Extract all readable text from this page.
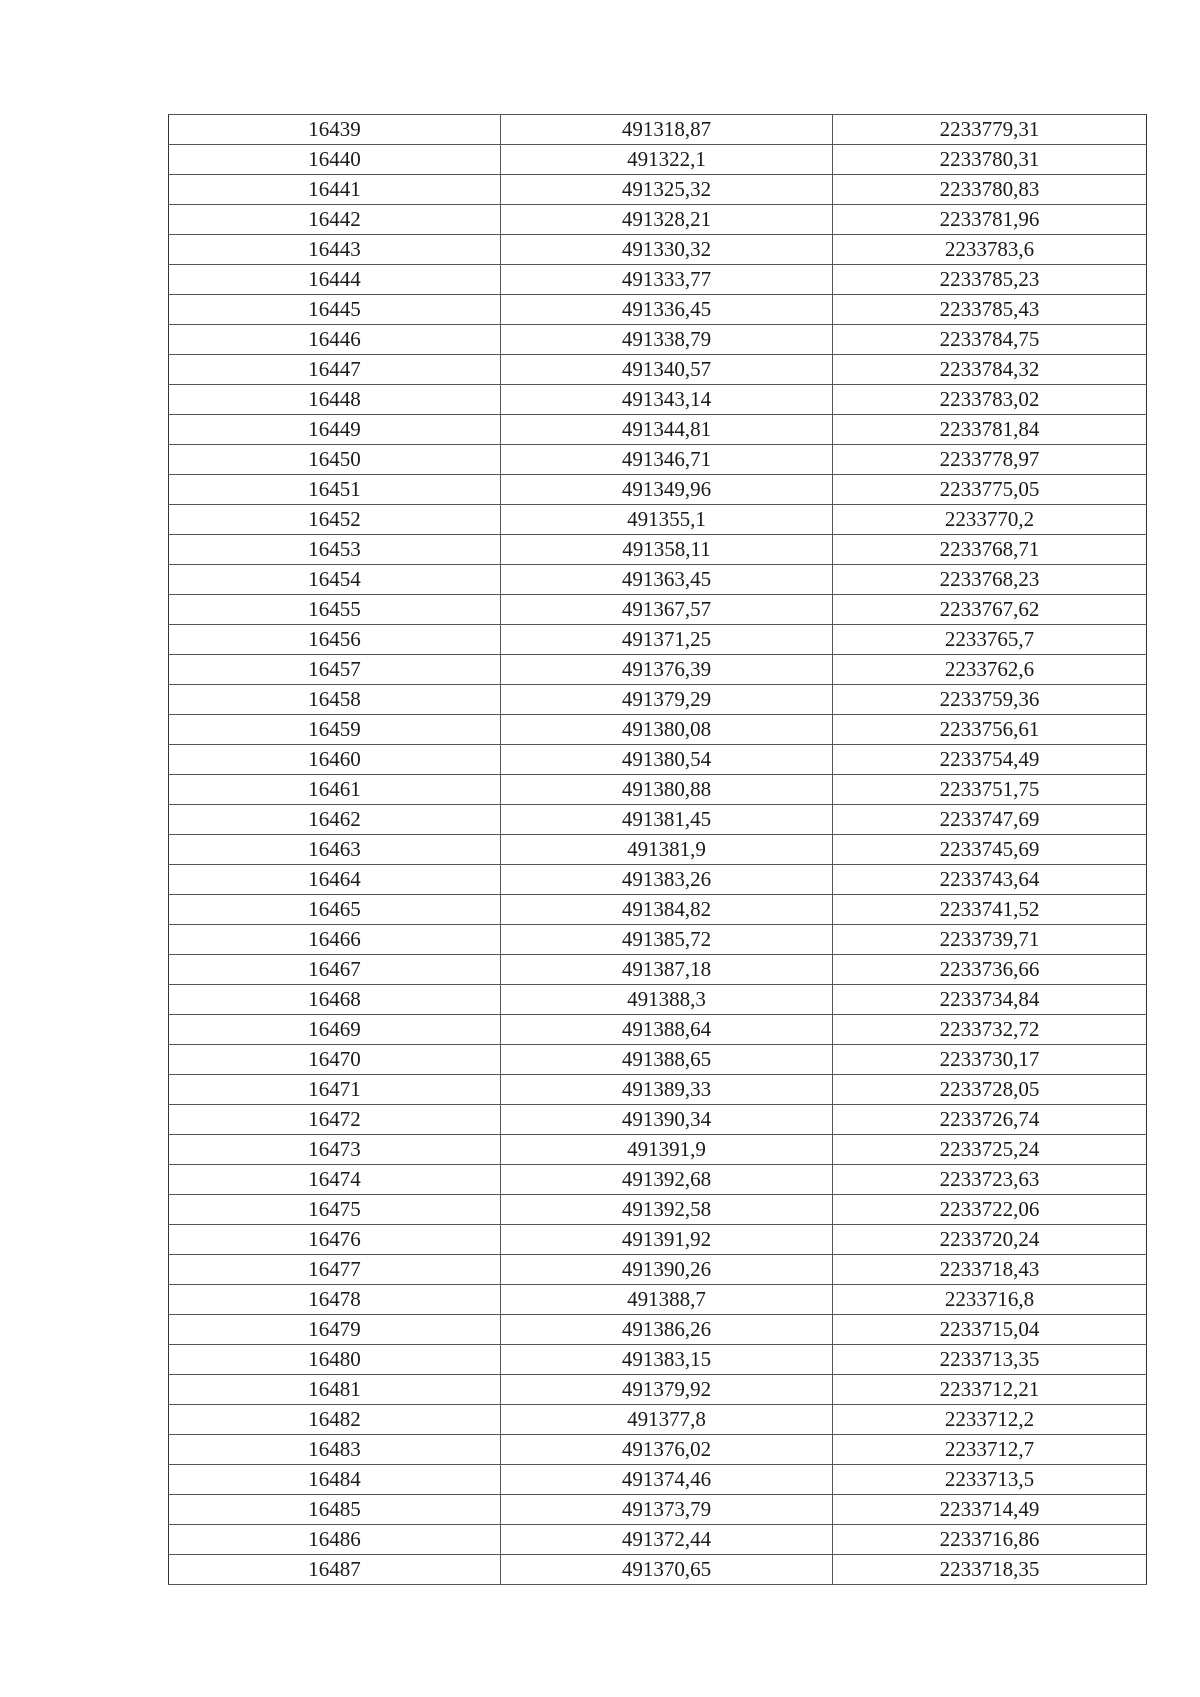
16439	491318,87	2233779,31
16440	491322,1	2233780,31
16441	491325,32	2233780,83
16442	491328,21	2233781,96
16443	491330,32	2233783,6
16444	491333,77	2233785,23
16445	491336,45	2233785,43
16446	491338,79	2233784,75
16447	491340,57	2233784,32
16448	491343,14	2233783,02
16449	491344,81	2233781,84
16450	491346,71	2233778,97
16451	491349,96	2233775,05
16452	491355,1	2233770,2
16453	491358,11	2233768,71
16454	491363,45	2233768,23
16455	491367,57	2233767,62
16456	491371,25	2233765,7
16457	491376,39	2233762,6
16458	491379,29	2233759,36
16459	491380,08	2233756,61
16460	491380,54	2233754,49
16461	491380,88	2233751,75
16462	491381,45	2233747,69
16463	491381,9	2233745,69
16464	491383,26	2233743,64
16465	491384,82	2233741,52
16466	491385,72	2233739,71
16467	491387,18	2233736,66
16468	491388,3	2233734,84
16469	491388,64	2233732,72
16470	491388,65	2233730,17
16471	491389,33	2233728,05
16472	491390,34	2233726,74
16473	491391,9	2233725,24
16474	491392,68	2233723,63
16475	491392,58	2233722,06
16476	491391,92	2233720,24
16477	491390,26	2233718,43
16478	491388,7	2233716,8
16479	491386,26	2233715,04
16480	491383,15	2233713,35
16481	491379,92	2233712,21
16482	491377,8	2233712,2
16483	491376,02	2233712,7
16484	491374,46	2233713,5
16485	491373,79	2233714,49
16486	491372,44	2233716,86
16487	491370,65	2233718,35
